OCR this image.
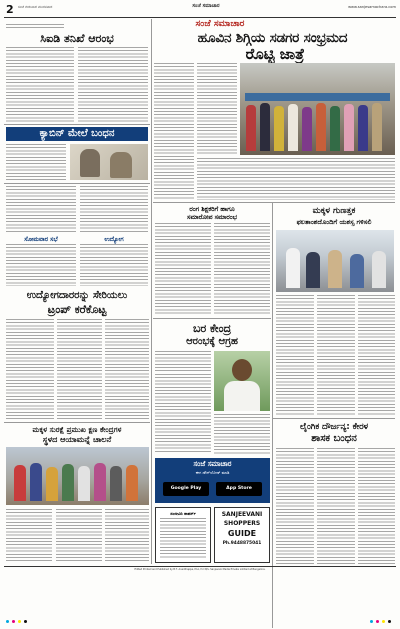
2 ಸಂಜೆ ಗುರುವಾರ ಮಂಗಳವಾರ	ಸಂಜೆ ಸಮಾಚಾರ	www.sanjesamachara.com
ಸಂಜೆ ಸಮಾಚಾರ
ಹೂವಿನ ಶಿಗ್ಗಿಯ ಸಡಗರ ಸಂಭ್ರಮದ
ರೊಟ್ಟಿ ಜಾತ್ರೆ
ಸಿಐಡಿ ತನಿಖೆ ಆರಂಭ
ಕ್ಯಾಬಿನ್ ಮೇಲೆ ಬಂಧನ
ಸೋಮವಾರ ಸಭೆ	ಉದ್ಯೋಗ
ಉದ್ಯೋಗದಾರರನ್ನು ಸೇರಿಯಲು
ಟ್ರಂಪ್ ಕರೆಕೊಟ್ಟ
ಮಕ್ಕಳ ಸುರಕ್ಷೆ ಪ್ರಮುಖ ಕ್ಷಣ ಕೇಂದ್ರಗಳ
ಸ್ಥಳದ ಆಯಾಮನ್ನೆ ಚಾಲನೆ
ರಂಗ ಶಿಕ್ಷಕರಿಗೆ ಹಾಗೂ
ಸಮಾರೋಪ ಸಮಾರಂಭ
ಮಕ್ಕಳ ಗುಣತ್ತಕ
ಫಲತಾಂಶದೊಂದಿಗೆ ಯಶಸ್ಸ ಗಳಿಸಲಿ
ಬರ ಕೇಂದ್ರ
ಆರಂಭಕ್ಕೆ ಆಗ್ರಹ
ಲೈಂಗಿಕ ದೌರ್ಜನ್ಯ: ಕೇರಳ
ಶಾಸಕ ಬಂಧನ
ಸಂಜೆ ಸಮಾಚಾರ
ಈಗ ಡೌನ್‌ಲೋಡ್ ಮಾಡಿ
Google Play	App Store
ಸಂಜೀವಿನಿ ಶಾಪರ್ಸ್	SANJEEVANI
SHOPPERS
GUIDE
Ph.9448875041
Edited Printed and Published by B.T. Ananthappa, M.A, for M/s. Sanjevani Media Private Limited at Bangalore.
